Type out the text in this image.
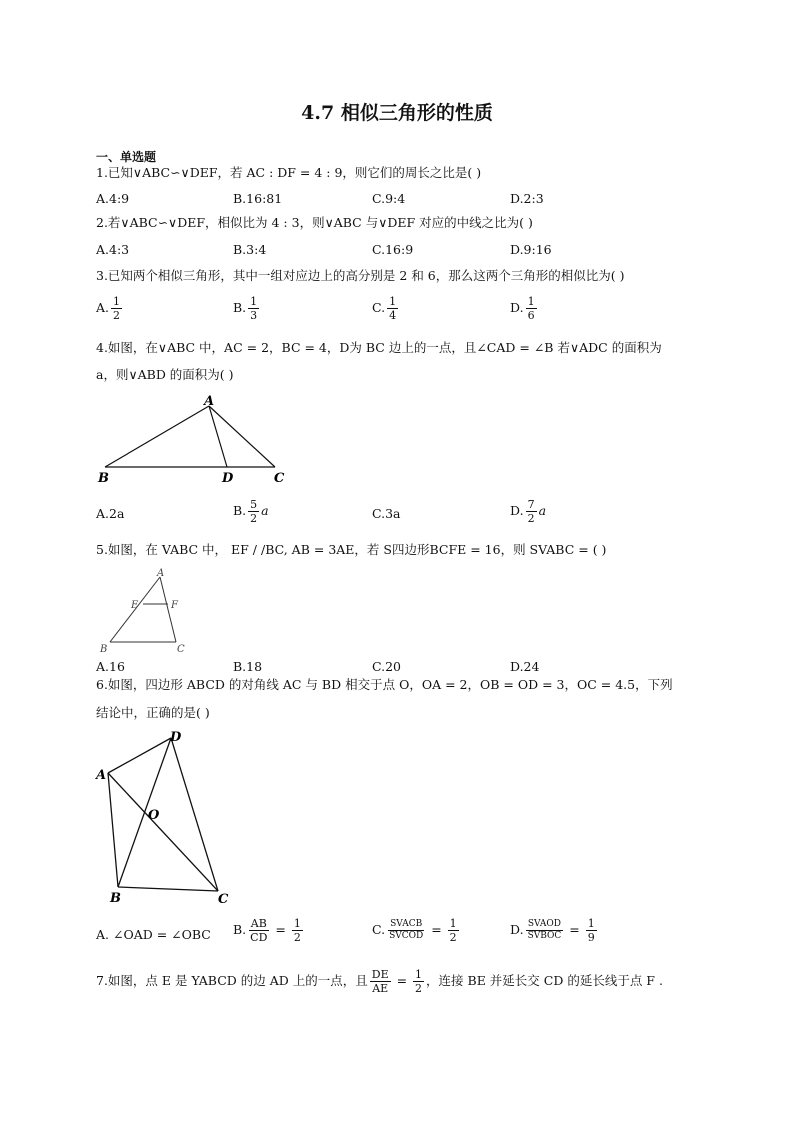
4.7 相似三角形的性质
一、单选题
1.已知∨ABC∽∨DEF，若 AC : DF = 4 : 9，则它们的周长之比是( )
A.4:9	B.16:81	C.9:4	D.2:3
2.若∨ABC∽∨DEF，相似比为 4 : 3，则∨ABC 与∨DEF 对应的中线之比为( )
A.4:3	B.3:4	C.16:9	D.9:16
3.已知两个相似三角形，其中一组对应边上的高分别是 2 和 6，那么这两个三角形的相似比为( )
A. $\frac{1}{2}$	B. $\frac{1}{3}$	C. $\frac{1}{4}$	D. $\frac{1}{6}$
4.如图，在∨ABC 中，AC = 2，BC = 4，D为 BC 边上的一点，且∠CAD = ∠B 若∨ADC 的面积为
a，则∨ABD 的面积为( )
A
B	D	C
A.2a	B. $\frac{5}{2}$ a	C.3a	D. $\frac{7}{2}$ a
5.如图，在 VABC 中， EF / /BC, AB = 3AE，若 S四边形BCFE = 16，则 SVABC = ( )
A
E	F
B	C
A.16	B.18	C.20	D.24
6.如图，四边形 ABCD 的对角线 AC 与 BD 相交于点 O，OA = 2，OB = OD = 3，OC = 4.5，下列
结论中，正确的是( )
A
D
O
B	C
A. ∠OAD = ∠OBC B. $\frac{AB}{CD} = \frac{1}{2}$	C. $\frac{\text{SVACB}}{\text{SVCOD}} = \frac{1}{2}$	D. $\frac{\text{SVAOD}}{\text{SVBOC}} = \frac{1}{9}$
7.如图，点 E 是 YABCD 的边 AD 上的一点，且 $\frac{DE}{AE} = \frac{1}{2}$ ，连接 BE 并延长交 CD 的延长线于点 F .
